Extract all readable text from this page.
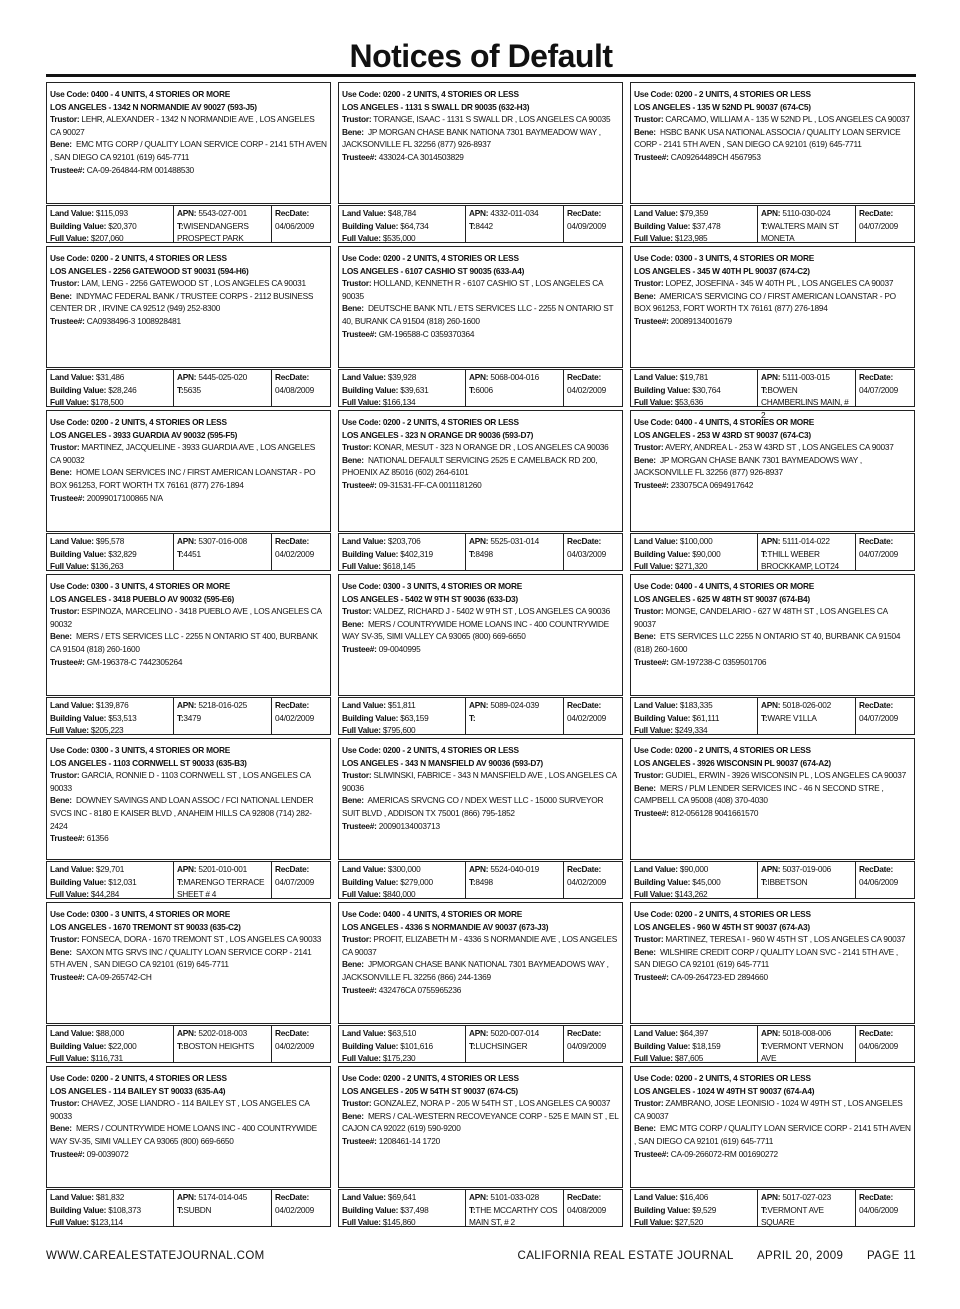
Notices of Default
Use Code: 0400 - 4 UNITS, 4 STORIES OR MORE
LOS ANGELES - 1342 N NORMANDIE AV 90027 (593-J5)
Trustor: LEHR, ALEXANDER - 1342 N NORMANDIE AVE , LOS ANGELES CA 90027
Bene: EMC MTG CORP / QUALITY LOAN SERVICE CORP - 2141 5TH AVEN , SAN DIEGO CA 92101 (619) 645-7711
Trustee#: CA-09-264844-RM 001488530
Land Value: $115,093
Building Value: $20,370
Full Value: $207,060
APN: 5543-027-001
T:WISENDANGERS PROSPECT PARK
RecDate:
04/06/2009
Use Code: 0200 - 2 UNITS, 4 STORIES OR LESS
LOS ANGELES - 2256 GATEWOOD ST 90031 (594-H6)
Trustor: LAM, LENG - 2256 GATEWOOD ST , LOS ANGELES CA 90031
Bene: INDYMAC FEDERAL BANK / TRUSTEE CORPS - 2112 BUSINESS CENTER DR , IRVINE CA 92512 (949) 252-8300
Trustee#: CA0938496-3 1008928481
Land Value: $31,486
Building Value: $28,246
Full Value: $178,500
APN: 5445-025-020
T:5635
RecDate:
04/08/2009
Use Code: 0200 - 2 UNITS, 4 STORIES OR LESS
LOS ANGELES - 3933 GUARDIA AV 90032 (595-F5)
Trustor: MARTINEZ, JACQUELINE - 3933 GUARDIA AVE , LOS ANGELES CA 90032
Bene: HOME LOAN SERVICES INC / FIRST AMERICAN LOANSTAR - PO BOX 961253, FORT WORTH TX 76161 (877) 276-1894
Trustee#: 20099017100865 N/A
Land Value: $95,578
Building Value: $32,829
Full Value: $136,263
APN: 5307-016-008
T:4451
RecDate:
04/02/2009
Use Code: 0300 - 3 UNITS, 4 STORIES OR MORE
LOS ANGELES - 3418 PUEBLO AV 90032 (595-E6)
Trustor: ESPINOZA, MARCELINO - 3418 PUEBLO AVE , LOS ANGELES CA 90032
Bene: MERS / ETS SERVICES LLC - 2255 N ONTARIO ST 400, BURBANK CA 91504 (818) 260-1600
Trustee#: GM-196378-C 7442305264
Land Value: $139,876
Building Value: $53,513
Full Value: $205,223
APN: 5218-016-025
T:3479
RecDate:
04/02/2009
Use Code: 0300 - 3 UNITS, 4 STORIES OR MORE
LOS ANGELES - 1103 CORNWELL ST 90033 (635-B3)
Trustor: GARCIA, RONNIE D - 1103 CORNWELL ST , LOS ANGELES CA 90033
Bene: DOWNEY SAVINGS AND LOAN ASSOC / FCI NATIONAL LENDER SVCS INC - 8180 E KAISER BLVD , ANAHEIM HILLS CA 92808 (714) 282-2424
Trustee#: 61356
Land Value: $29,701
Building Value: $12,031
Full Value: $44,284
APN: 5201-010-001
T:MARENGO TERRACE SHEET # 4
RecDate:
04/07/2009
Use Code: 0300 - 3 UNITS, 4 STORIES OR MORE
LOS ANGELES - 1670 TREMONT ST 90033 (635-C2)
Trustor: FONSECA, DORA - 1670 TREMONT ST , LOS ANGELES CA 90033
Bene: SAXON MTG SRVS INC / QUALITY LOAN SERVICE CORP - 2141 5TH AVEN , SAN DIEGO CA 92101 (619) 645-7711
Trustee#: CA-09-265742-CH
Land Value: $88,000
Building Value: $22,000
Full Value: $116,731
APN: 5202-018-003
T:BOSTON HEIGHTS
RecDate:
04/02/2009
Use Code: 0200 - 2 UNITS, 4 STORIES OR LESS
LOS ANGELES - 114 BAILEY ST 90033 (635-A4)
Trustor: CHAVEZ, JOSE LIANDRO - 114 BAILEY ST , LOS ANGELES CA 90033
Bene: MERS / COUNTRYWIDE HOME LOANS INC - 400 COUNTRYWIDE WAY SV-35, SIMI VALLEY CA 93065 (800) 669-6650
Trustee#: 09-0039072
Land Value: $81,832
Building Value: $108,373
Full Value: $123,114
APN: 5174-014-045
T:SUBDN
RecDate:
04/02/2009
Use Code: 0200 - 2 UNITS, 4 STORIES OR LESS
LOS ANGELES - 1131 S SWALL DR 90035 (632-H3)
Trustor: TORANGE, ISAAC - 1131 S SWALL DR , LOS ANGELES CA 90035
Bene: JP MORGAN CHASE BANK NATIONA 7301 BAYMEADOW WAY , JACKSONVILLE FL 32256 (877) 926-8937
Trustee#: 433024-CA 3014503829
Land Value: $48,784
Building Value: $64,734
Full Value: $535,000
APN: 4332-011-034
T:8442
RecDate:
04/09/2009
Use Code: 0200 - 2 UNITS, 4 STORIES OR LESS
LOS ANGELES - 6107 CASHIO ST 90035 (633-A4)
Trustor: HOLLAND, KENNETH R - 6107 CASHIO ST , LOS ANGELES CA 90035
Bene: DEUTSCHE BANK NTL / ETS SERVICES LLC - 2255 N ONTARIO ST 40, BURANK CA 91504 (818) 260-1600
Trustee#: GM-196588-C 0359370364
Land Value: $39,928
Building Value: $39,631
Full Value: $166,134
APN: 5068-004-016
T:6006
RecDate:
04/02/2009
Use Code: 0200 - 2 UNITS, 4 STORIES OR LESS
LOS ANGELES - 323 N ORANGE DR 90036 (593-D7)
Trustor: KONAR, MESUT - 323 N ORANGE DR , LOS ANGELES CA 90036
Bene: NATIONAL DEFAULT SERVICING 2525 E CAMELBACK RD 200, PHOENIX AZ 85016 (602) 264-6101
Trustee#: 09-31531-FF-CA 0011181260
Land Value: $203,706
Building Value: $402,319
Full Value: $618,145
APN: 5525-031-014
T:8498
RecDate:
04/03/2009
Use Code: 0300 - 3 UNITS, 4 STORIES OR MORE
LOS ANGELES - 5402 W 9TH ST 90036 (633-D3)
Trustor: VALDEZ, RICHARD J - 5402 W 9TH ST , LOS ANGELES CA 90036
Bene: MERS / COUNTRYWIDE HOME LOANS INC - 400 COUNTRYWIDE WAY SV-35, SIMI VALLEY CA 93065 (800) 669-6650
Trustee#: 09-0040995
Land Value: $51,811
Building Value: $63,159
Full Value: $795,600
APN: 5089-024-039
T:
RecDate:
04/02/2009
Use Code: 0200 - 2 UNITS, 4 STORIES OR LESS
LOS ANGELES - 343 N MANSFIELD AV 90036 (593-D7)
Trustor: SLIWINSKI, FABRICE - 343 N MANSFIELD AVE , LOS ANGELES CA 90036
Bene: AMERICAS SRVCNG CO / NDEX WEST LLC - 15000 SURVEYOR SUIT BLVD , ADDISON TX 75001 (866) 795-1852
Trustee#: 20090134003713
Land Value: $300,000
Building Value: $279,000
Full Value: $840,000
APN: 5524-040-019
T:8498
RecDate:
04/02/2009
Use Code: 0400 - 4 UNITS, 4 STORIES OR MORE
LOS ANGELES - 4336 S NORMANDIE AV 90037 (673-J3)
Trustor: PROFIT, ELIZABETH M - 4336 S NORMANDIE AVE , LOS ANGELES CA 90037
Bene: JPMORGAN CHASE BANK NATIONAL 7301 BAYMEADOWS WAY , JACKSONVILLE FL 32256 (866) 244-1369
Trustee#: 432476CA 0755965236
Land Value: $63,510
Building Value: $101,616
Full Value: $175,230
APN: 5020-007-014
T:LUCHSINGER
RecDate:
04/09/2009
Use Code: 0200 - 2 UNITS, 4 STORIES OR LESS
LOS ANGELES - 205 W 54TH ST 90037 (674-C5)
Trustor: GONZALEZ, NORA P - 205 W 54TH ST , LOS ANGELES CA 90037
Bene: MERS / CAL-WESTERN RECOVEYANCE CORP - 525 E MAIN ST , EL CAJON CA 92022 (619) 590-9200
Trustee#: 1208461-14 1720
Land Value: $69,641
Building Value: $37,498
Full Value: $145,860
APN: 5101-033-028
T:THE MCCARTHY COS MAIN ST, # 2
RecDate:
04/08/2009
Use Code: 0200 - 2 UNITS, 4 STORIES OR LESS
LOS ANGELES - 135 W 52ND PL 90037 (674-C5)
Trustor: CARCAMO, WILLIAM A - 135 W 52ND PL , LOS ANGELES CA 90037
Bene: HSBC BANK USA NATIONAL ASSOCIA / QUALITY LOAN SERVICE CORP - 2141 5TH AVEN , SAN DIEGO CA 92101 (619) 645-7711
Trustee#: CA09264489CH 4567953
Land Value: $79,359
Building Value: $37,478
Full Value: $123,985
APN: 5110-030-024
T:WALTERS MAIN ST MONETA
RecDate:
04/07/2009
Use Code: 0300 - 3 UNITS, 4 STORIES OR MORE
LOS ANGELES - 345 W 40TH PL 90037 (674-C2)
Trustor: LOPEZ, JOSEFINA - 345 W 40TH PL , LOS ANGELES CA 90037
Bene: AMERICA'S SERVICING CO / FIRST AMERICAN LOANSTAR - PO BOX 961253, FORT WORTH TX 76161 (877) 276-1894
Trustee#: 20089134001679
Land Value: $19,781
Building Value: $30,764
Full Value: $53,636
APN: 5111-003-015
T:BOWEN CHAMBERLINS MAIN, # 2
RecDate:
04/07/2009
Use Code: 0400 - 4 UNITS, 4 STORIES OR MORE
LOS ANGELES - 253 W 43RD ST 90037 (674-C3)
Trustor: AVERY, ANDREA L - 253 W 43RD ST , LOS ANGELES CA 90037
Bene: JP MORGAN CHASE BANK 7301 BAYMEADOWS WAY , JACKSONVILLE FL 32256 (877) 926-8937
Trustee#: 233075CA 0694917642
Land Value: $100,000
Building Value: $90,000
Full Value: $271,320
APN: 5111-014-022
T:THILL WEBER BROCKKAMP, LOT24
RecDate:
04/07/2009
Use Code: 0400 - 4 UNITS, 4 STORIES OR MORE
LOS ANGELES - 625 W 48TH ST 90037 (674-B4)
Trustor: MONGE, CANDELARIO - 627 W 48TH ST , LOS ANGELES CA 90037
Bene: ETS SERVICES LLC 2255 N ONTARIO ST 40, BURBANK CA 91504 (818) 260-1600
Trustee#: GM-197238-C 0359501706
Land Value: $183,335
Building Value: $61,111
Full Value: $249,334
APN: 5018-026-002
T:WARE V1LLA
RecDate:
04/07/2009
Use Code: 0200 - 2 UNITS, 4 STORIES OR LESS
LOS ANGELES - 3926 WISCONSIN PL 90037 (674-A2)
Trustor: GUDIEL, ERWIN - 3926 WISCONSIN PL , LOS ANGELES CA 90037
Bene: MERS / PLM LENDER SERVICES INC - 46 N SECOND STRE , CAMPBELL CA 95008 (408) 370-4030
Trustee#: 812-056128 9041661570
Land Value: $90,000
Building Value: $45,000
Full Value: $143,262
APN: 5037-019-006
T:IBBETSON
RecDate:
04/06/2009
Use Code: 0200 - 2 UNITS, 4 STORIES OR LESS
LOS ANGELES - 960 W 45TH ST 90037 (674-A3)
Trustor: MARTINEZ, TERESA I - 960 W 45TH ST , LOS ANGELES CA 90037
Bene: WILSHIRE CREDIT CORP / QUALITY LOAN SVC - 2141 5TH AVE , SAN DIEGO CA 92101 (619) 645-7711
Trustee#: CA-09-264723-ED 2894660
Land Value: $64,397
Building Value: $18,159
Full Value: $87,605
APN: 5018-008-006
T:VERMONT VERNON AVE
RecDate:
04/06/2009
Use Code: 0200 - 2 UNITS, 4 STORIES OR LESS
LOS ANGELES - 1024 W 49TH ST 90037 (674-A4)
Trustor: ZAMBRANO, JOSE LEONISIO - 1024 W 49TH ST , LOS ANGELES CA 90037
Bene: EMC MTG CORP / QUALITY LOAN SERVICE CORP - 2141 5TH AVEN , SAN DIEGO CA 92101 (619) 645-7711
Trustee#: CA-09-266072-RM 001690272
Land Value: $16,406
Building Value: $9,529
Full Value: $27,520
APN: 5017-027-023
T:VERMONT AVE SQUARE
RecDate:
04/06/2009
WWW.CAREALESTATEJOURNAL.COM	CALIFORNIA REAL ESTATE JOURNAL APRIL 20, 2009 PAGE 11
